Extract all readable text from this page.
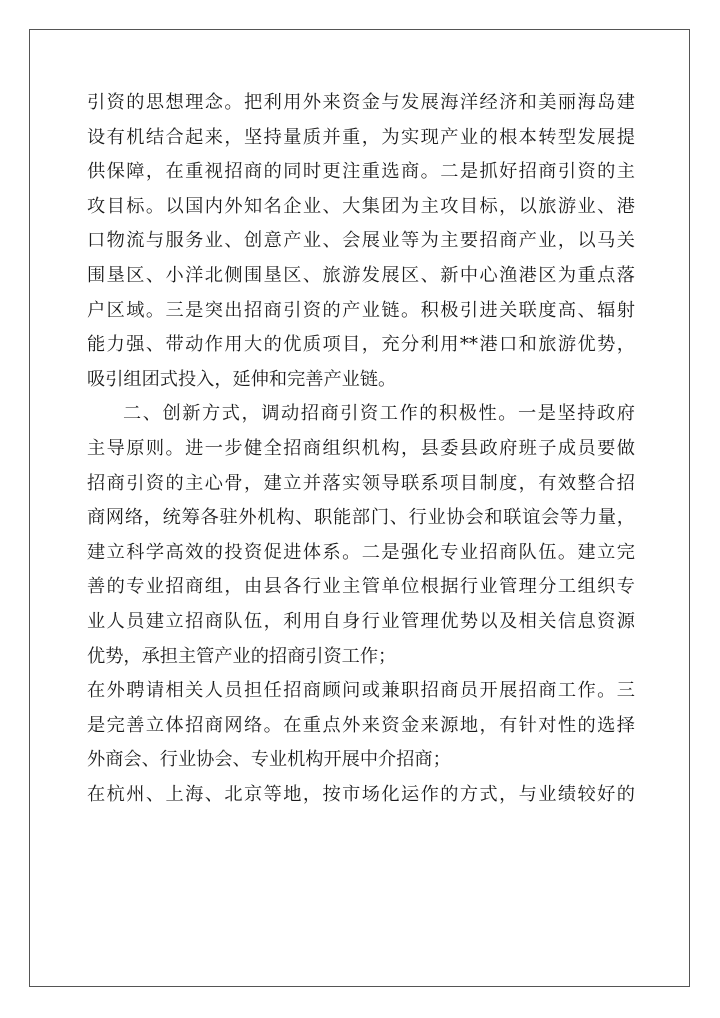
引资的思想理念。把利用外来资金与发展海洋经济和美丽海岛建
设有机结合起来，坚持量质并重，为实现产业的根本转型发展提
供保障，在重视招商的同时更注重选商。二是抓好招商引资的主
攻目标。以国内外知名企业、大集团为主攻目标，以旅游业、港
口物流与服务业、创意产业、会展业等为主要招商产业，以马关
围垦区、小洋北侧围垦区、旅游发展区、新中心渔港区为重点落
户区域。三是突出招商引资的产业链。积极引进关联度高、辐射
能力强、带动作用大的优质项目，充分利用**港口和旅游优势，
吸引组团式投入，延伸和完善产业链。
二、创新方式，调动招商引资工作的积极性。一是坚持政府
主导原则。进一步健全招商组织机构，县委县政府班子成员要做
招商引资的主心骨，建立并落实领导联系项目制度，有效整合招
商网络，统筹各驻外机构、职能部门、行业协会和联谊会等力量，
建立科学高效的投资促进体系。二是强化专业招商队伍。建立完
善的专业招商组，由县各行业主管单位根据行业管理分工组织专
业人员建立招商队伍，利用自身行业管理优势以及相关信息资源
优势，承担主管产业的招商引资工作；
在外聘请相关人员担任招商顾问或兼职招商员开展招商工作。三
是完善立体招商网络。在重点外来资金来源地，有针对性的选择
外商会、行业协会、专业机构开展中介招商；
在杭州、上海、北京等地，按市场化运作的方式，与业绩较好的
